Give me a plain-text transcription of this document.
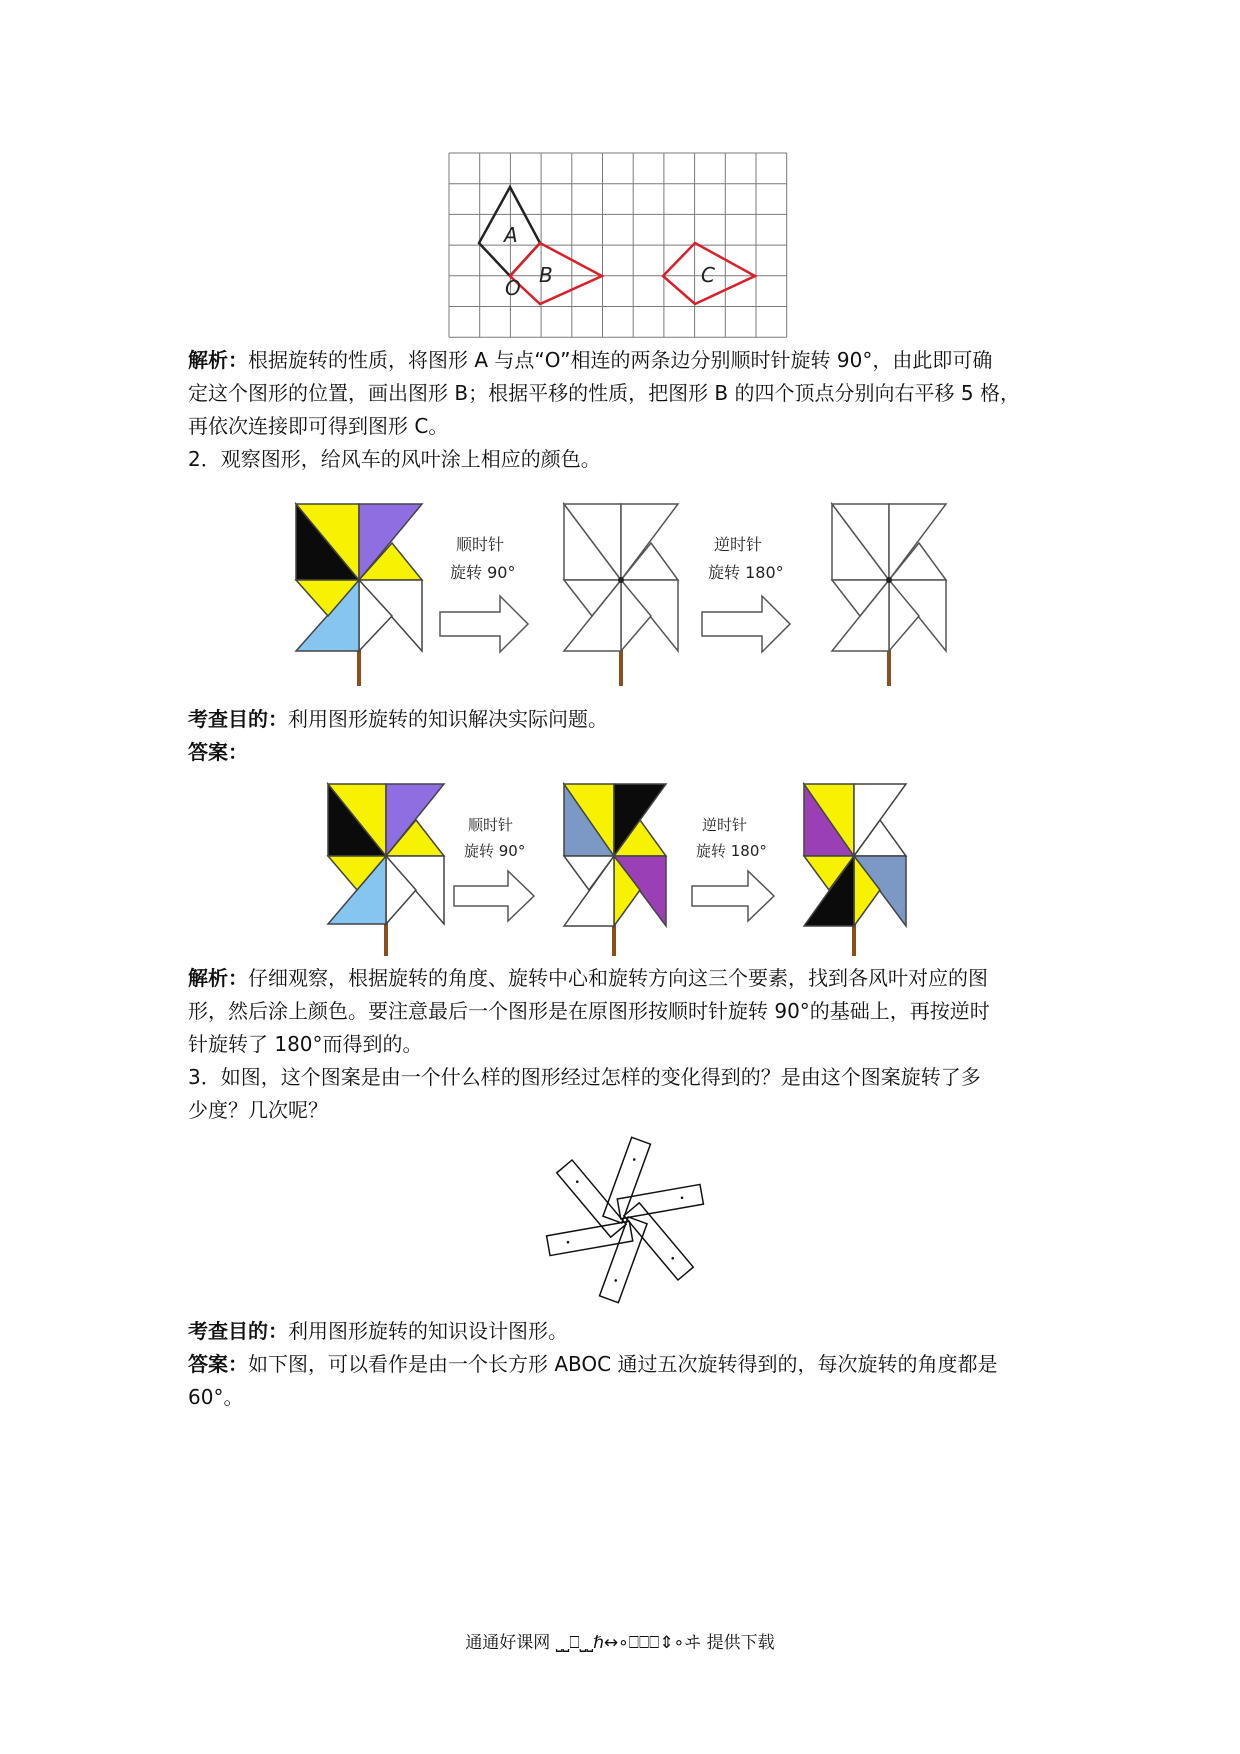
A
B	C
O
解析：根据旋转的性质，将图形 A 与点“O”相连的两条边分别顺时针旋转 90°，由此即可确
定这个图形的位置，画出图形 B；根据平移的性质，把图形 B 的四个顶点分别向右平移 5 格，
再依次连接即可得到图形 C。
2．观察图形，给风车的风叶涂上相应的颜色。
顺时针
旋转 90°
逆时针
旋转 180°
考查目的：利用图形旋转的知识解决实际问题。
答案：
顺时针
旋转 90°
逆时针
旋转 180°
解析：仔细观察，根据旋转的角度、旋转中心和旋转方向这三个要素，找到各风叶对应的图
形，然后涂上颜色。要注意最后一个图形是在原图形按顺时针旋转 90°的基础上，再按逆时
针旋转了 180°而得到的。
3．如图，这个图案是由一个什么样的图形经过怎样的变化得到的？是由这个图案旋转了多
少度？几次呢？
考查目的：利用图形旋转的知识设计图形。
答案：如下图，可以看作是由一个长方形 ABOC 通过五次旋转得到的，每次旋转的角度都是
60°。
通通好课网 ⎵⎵⎕⎵⎵ℏ↔∘⎕⎕⎕⇕∘ヰ 提供下载
